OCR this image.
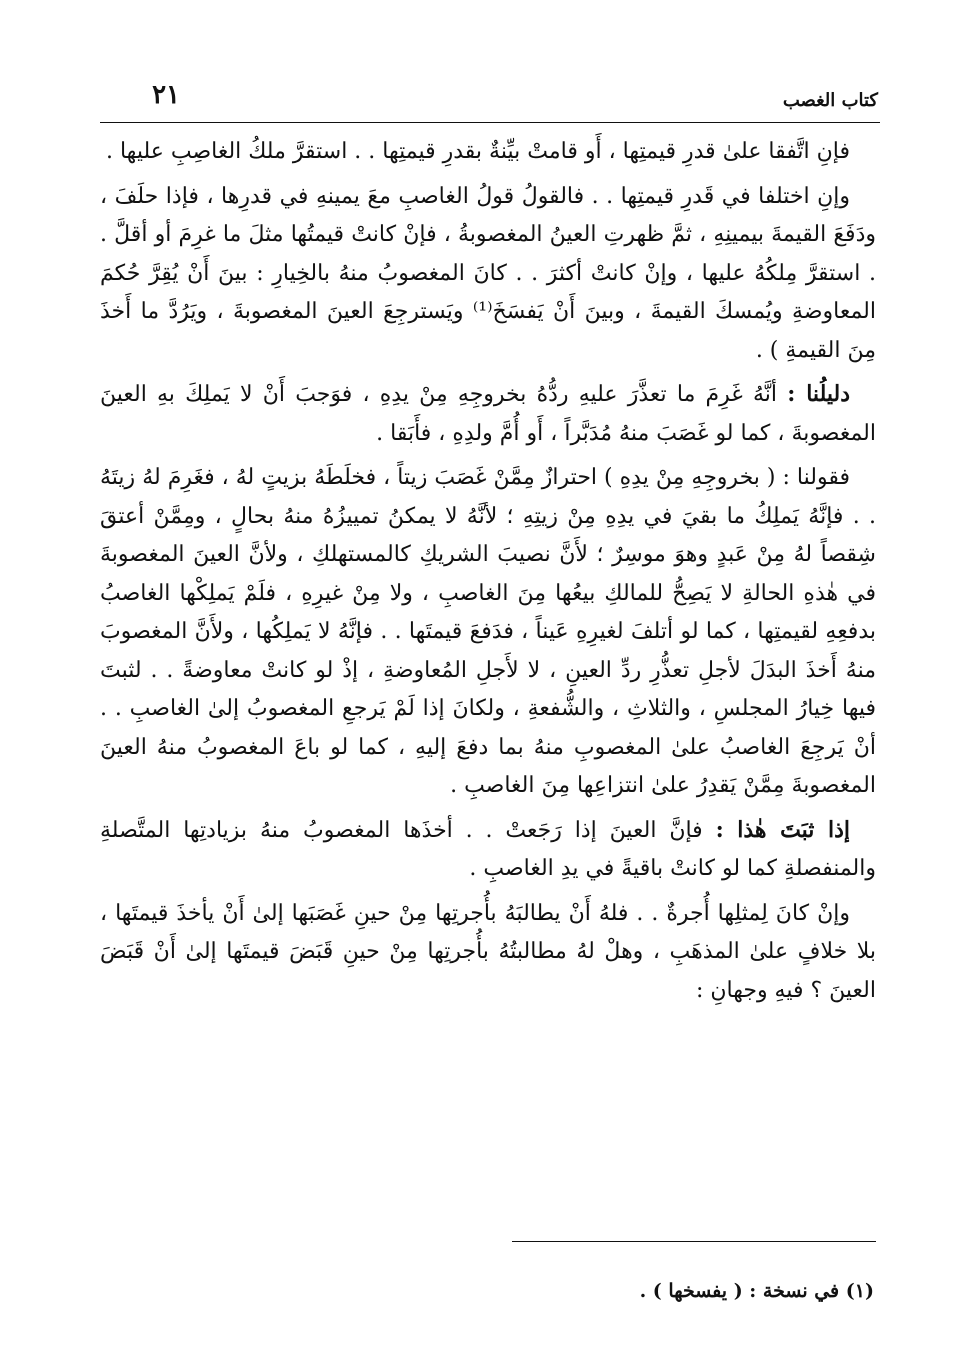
كتاب الغصب
٢١

فإنِ اتَّفقا علىٰ قدرِ قيمتِها ، أَو قامتْ بيِّنةٌ بقدرِ قيمتِها . . استقرَّ ملكُ الغاصِبِ عليها .

وإنِ اختلفا في قَدرِ قيمتِها . . فالقولُ قولُ الغاصبِ معَ يمينهِ في قدرِها ، فإذا حلَفَ ، ودَفَعَ القيمةَ بيمينِهِ ، ثمَّ ظهرتِ العينُ المغصوبةُ ، فإنْ كانتْ قيمتُها مثلَ ما غرِمَ أو أقلَّ . . استقرَّ مِلكُهُ عليها ، وإنْ كانتْ أكثرَ . . كانَ المغصوبُ منهُ بالخِيارِ : بينَ أَنْ يُقِرَّ حُكمَ المعاوضةِ ويُمسكَ القيمةَ ، وبينَ أَنْ يَفسَخَ⁽¹⁾ ويَسترجِعَ العينَ المغصوبةَ ، ويَرُدَّ ما أَخذَ مِنَ القيمةِ ) .

دليلُنا : أنَّهُ غَرِمَ ما تعذَّرَ عليهِ ردُّهُ بخروجِهِ مِنْ يدِهِ ، فوَجبَ أَنْ لا يَملِكَ بهِ العينَ المغصوبةَ ، كما لو غَصَبَ منهُ مُدَبَّراً ، أَو أُمَّ ولدِهِ ، فأَبَقا .

فقولنا : ( بخروجِهِ مِنْ يدِهِ ) احترازٌ مِمَّنْ غَصَبَ زيتاً ، فخلَطَهُ بزيتٍ لهُ ، فغَرِمَ لهُ زيتَهُ . . فإنَّهُ يَملِكُ ما بقيَ في يدِهِ مِنْ زيتِهِ ؛ لأنَّهُ لا يمكنُ تمييزُهُ منهُ بحالٍ ، ومِمَّنْ أعتقَ شِقصاً لهُ مِنْ عَبدٍ وهوَ موسِرٌ ؛ لأَنَّ نصيبَ الشريكِ كالمستهلكِ ، ولأنَّ العينَ المغصوبةَ في هٰذهِ الحالةِ لا يَصِحُّ للمالكِ بيعُها مِنَ الغاصبِ ، ولا مِنْ غيرِهِ ، فلَمْ يَملِكْها الغاصبُ بدفعِهِ لقيمتِها ، كما لو أتلفَ لغيرِهِ عَيناً ، فدَفعَ قيمتَها . . فإنَّهُ لا يَملِكُها ، ولأَنَّ المغصوبَ منهُ أَخذَ البدَلَ لأجلِ تعذُّرِ ردِّ العينِ ، لا لأَجلِ المُعاوضةِ ، إذْ لو كانتْ معاوضةً . . لثبتَ فيها خِيارُ المجلسِ ، والثلاثِ ، والشُّفعةِ ، ولكانَ إذا لَمْ يَرجعِ المغصوبُ إلىٰ الغاصبِ . . أنْ يَرجِعَ الغاصبُ علىٰ المغصوبِ منهُ بما دفعَ إليهِ ، كما لو باعَ المغصوبُ منهُ العينَ المغصوبةَ مِمَّنْ يَقدِرُ علىٰ انتزاعِها مِنَ الغاصبِ .

إذا ثبَتَ هٰذا : فإنَّ العينَ إذا رَجَعتْ . . أخذَها المغصوبُ منهُ بزيادتِها المتَّصلةِ والمنفصلةِ كما لو كانتْ باقيةً في يدِ الغاصبِ .

وإنْ كانَ لِمثلِها أُجرةٌ . . فلهُ أَنْ يطالبَهُ بأُجرتِها مِنْ حينِ غَصَبَها إلىٰ أَنْ يأخذَ قيمتَها ، بلا خلافٍ علىٰ المذهَبِ ، وهلْ لهُ مطالبتُهُ بأُجرتِها مِنْ حينِ قَبَضَ قيمتَها إلىٰ أَنْ قَبَضَ العينَ ؟ فيهِ وجهانِ :

(١) في نسخة : ( يفسخها ) .
